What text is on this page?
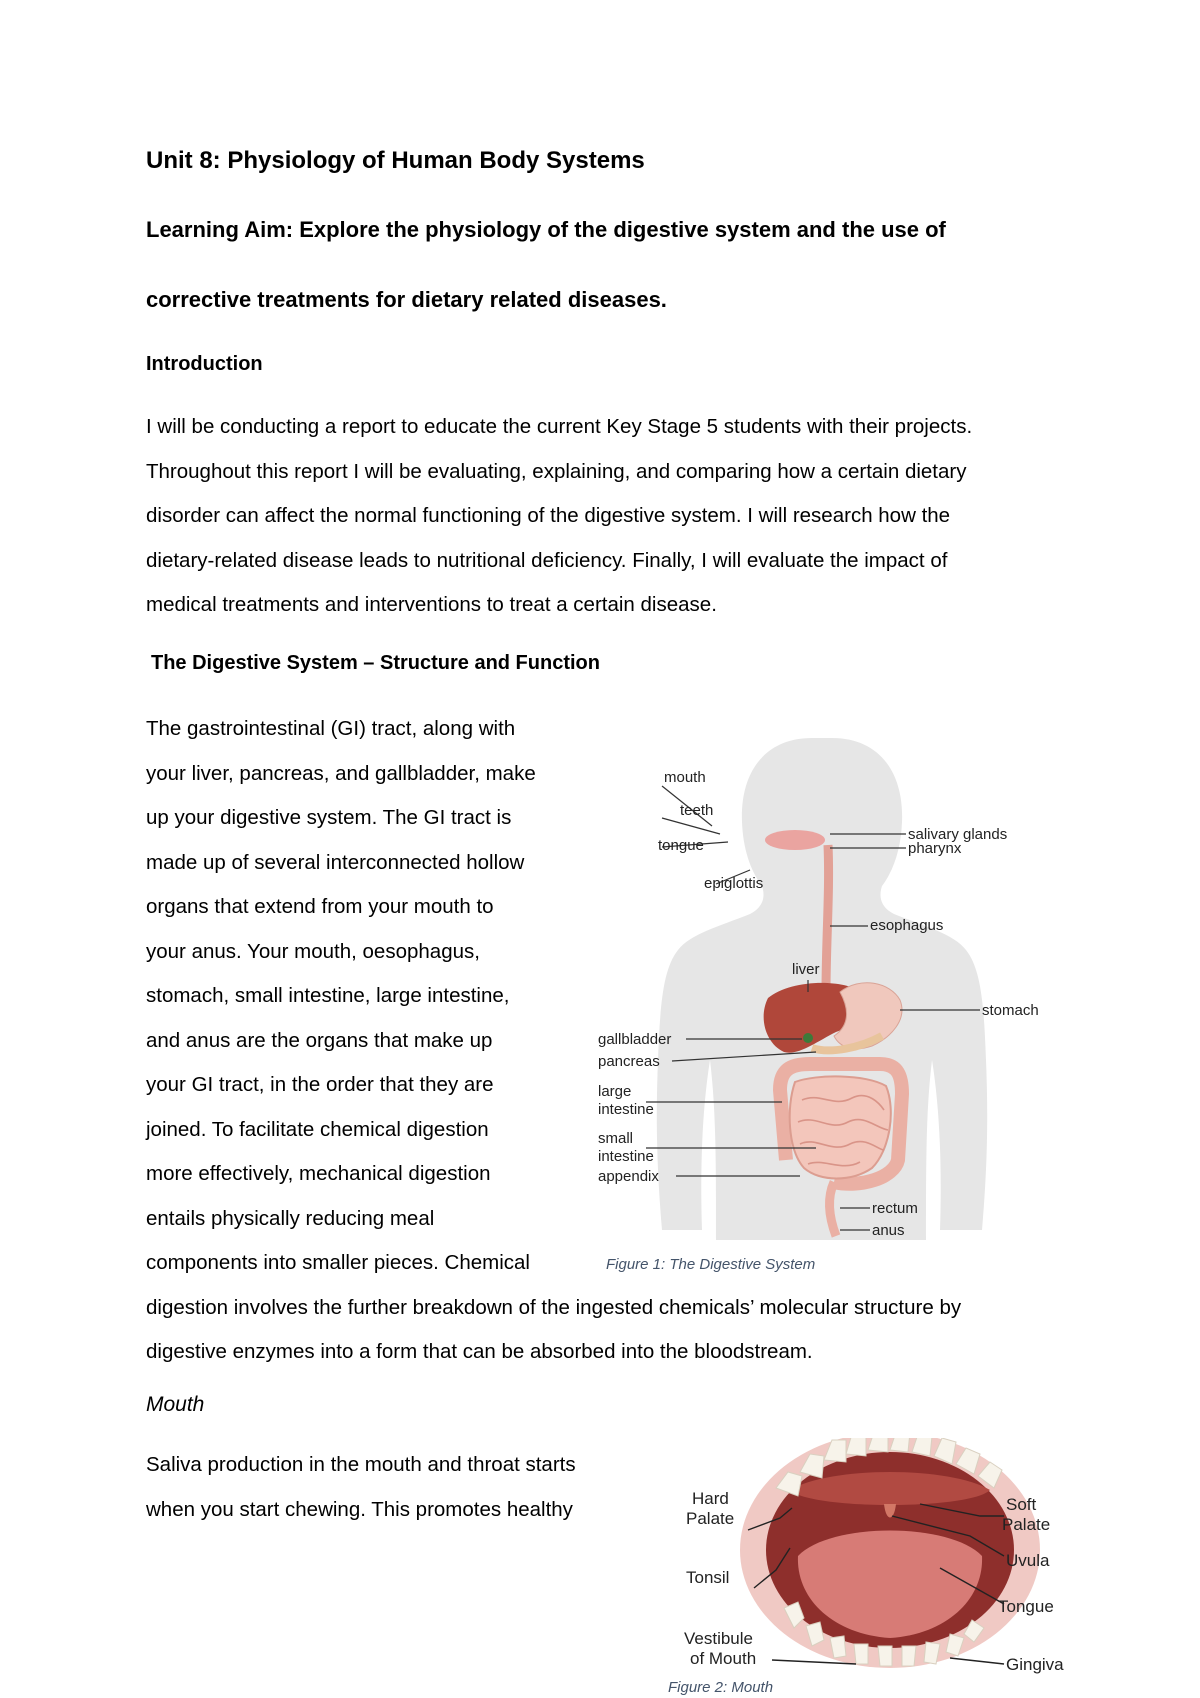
Unit 8: Physiology of Human Body Systems
Learning Aim: Explore the physiology of the digestive system and the use of
corrective treatments for dietary related diseases.
Introduction
I will be conducting a report to educate the current Key Stage 5 students with their projects.
Throughout this report I will be evaluating, explaining, and comparing how a certain dietary
disorder can affect the normal functioning of the digestive system. I will research how the
dietary-related disease leads to nutritional deficiency. Finally, I will evaluate the impact of
medical treatments and interventions to treat a certain disease.
The Digestive System – Structure and Function
The gastrointestinal (GI) tract, along with
your liver, pancreas, and gallbladder, make
up your digestive system. The GI tract is
made up of several interconnected hollow
organs that extend from your mouth to
your anus. Your mouth, oesophagus,
stomach, small intestine, large intestine,
and anus are the organs that make up
your GI tract, in the order that they are
joined. To facilitate chemical digestion
more effectively, mechanical digestion
entails physically reducing meal
components into smaller pieces. Chemical
digestion involves the further breakdown of the ingested chemicals’ molecular structure by
digestive enzymes into a form that can be absorbed into the bloodstream.
Mouth
Saliva production in the mouth and throat starts
when you start chewing. This promotes healthy
mouth
teeth
tongue
epiglottis
salivary glands
pharynx
esophagus
liver
stomach
gallbladder
pancreas
large
intestine
small
intestine
appendix
rectum
anus

Figure 1: The Digestive System

Hard
Palate
Soft
Palate
Tonsil
Uvula
Tongue
Vestibule
of Mouth	Gingiva

Figure 2: Mouth
